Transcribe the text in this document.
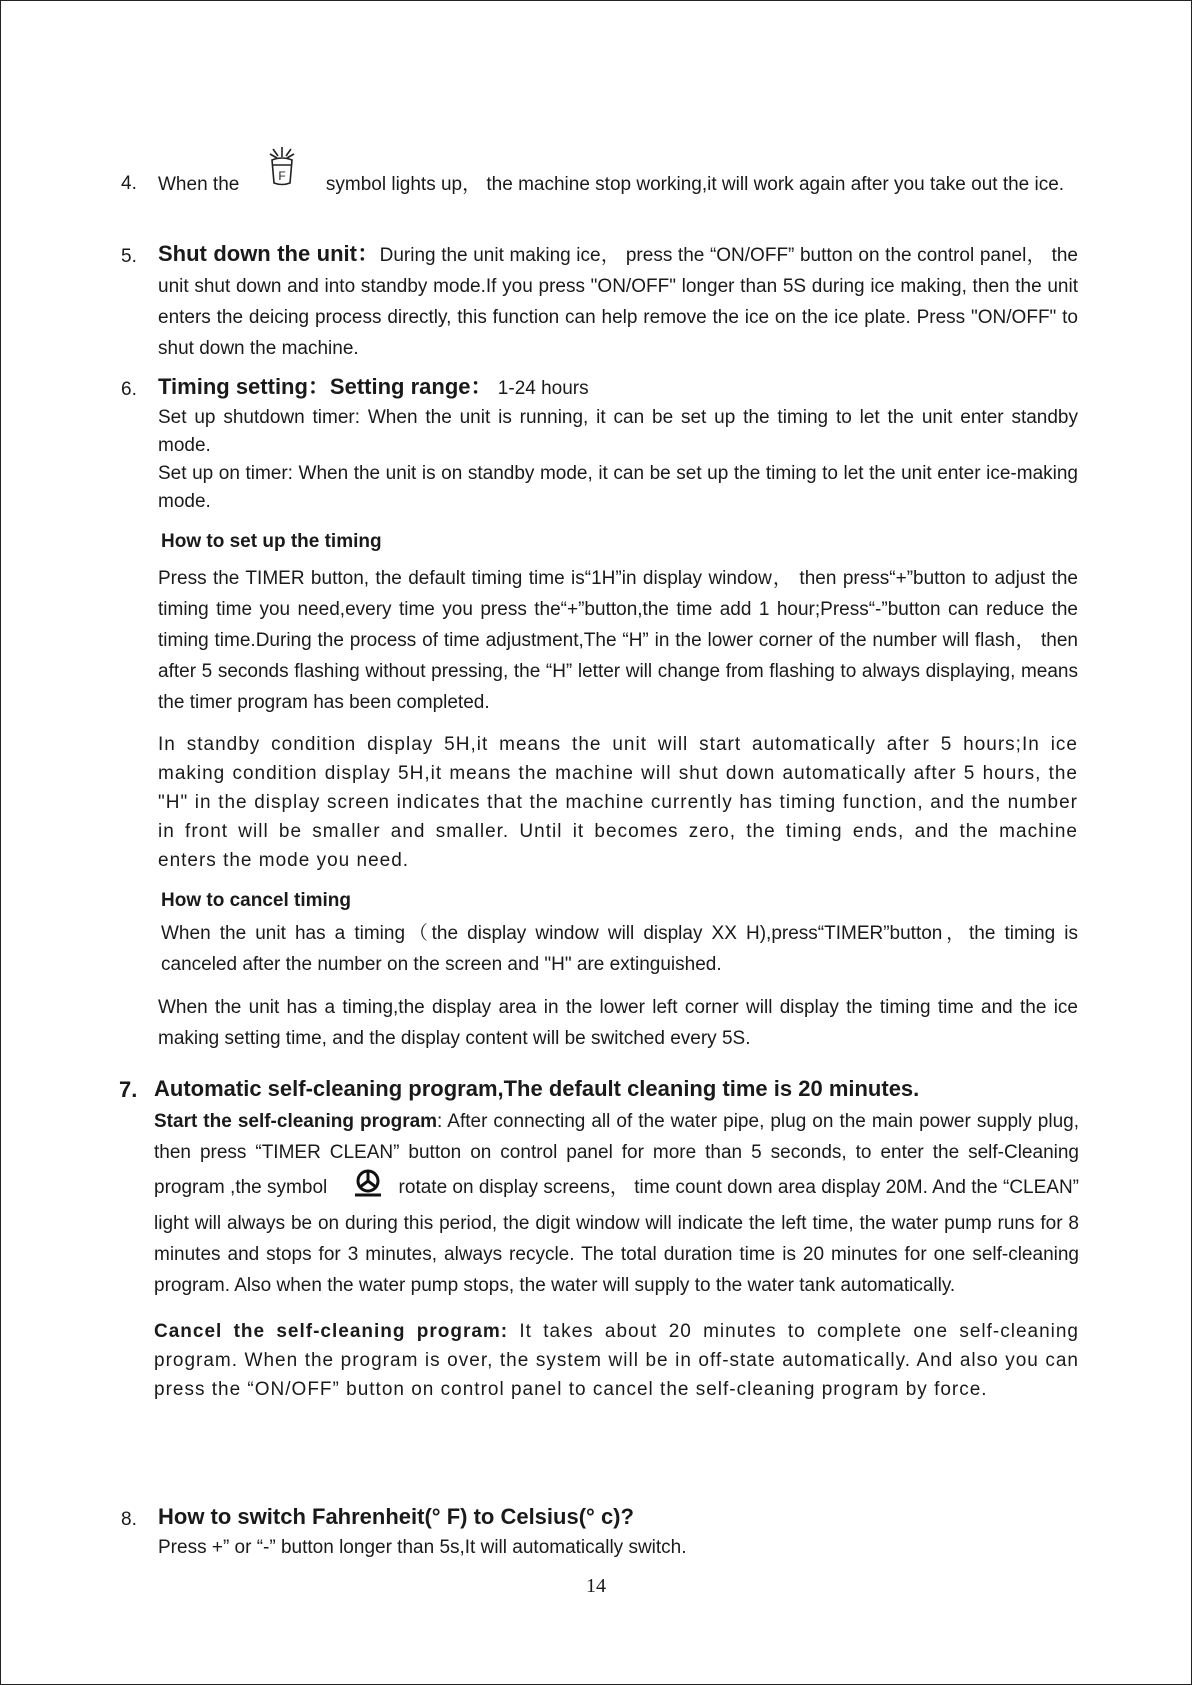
4. When the	F symbol lights up， the machine stop working,it will work again after you take out the ice.

5. Shut down the unit：During the unit making ice， press the “ON/OFF” button on the control panel， the unit shut down and into standby mode.If you press "ON/OFF" longer than 5S during ice making, then the unit enters the deicing process directly, this function can help remove the ice on the ice plate. Press "ON/OFF" to shut down the machine.

6. Timing setting：Setting range： 1-24 hours

Set up shutdown timer: When the unit is running, it can be set up the timing to let the unit enter standby mode.

Set up on timer: When the unit is on standby mode, it can be set up the timing to let the unit enter ice-making mode.

How to set up the timing

Press the TIMER button, the default timing time is“1H”in display window， then press“+”button to adjust the timing time you need,every time you press the“+”button,the time add 1 hour;Press“-”button can reduce the timing time.During the process of time adjustment,The “H” in the lower corner of the number will flash， then after 5 seconds flashing without pressing, the “H” letter will change from flashing to always displaying, means the timer program has been completed.

In standby condition display 5H,it means the unit will start automatically after 5 hours;In ice making condition display 5H,it means the machine will shut down automatically after 5 hours, the "H" in the display screen indicates that the machine currently has timing function, and the number in front will be smaller and smaller. Until it becomes zero, the timing ends, and the machine enters the mode you need.

How to cancel timing

When the unit has a timing（the display window will display XX H),press“TIMER”button，the timing is canceled after the number on the screen and "H" are extinguished.

When the unit has a timing,the display area in the lower left corner will display the timing time and the ice making setting time, and the display content will be switched every 5S.

7. Automatic self-cleaning program,The default cleaning time is 20 minutes.

Start the self-cleaning program: After connecting all of the water pipe, plug on the main power supply plug, then press “TIMER CLEAN” button on control panel for more than 5 seconds, to enter the self-Cleaning program ,the symbol	rotate on display screens， time count down area display 20M. And the “CLEAN” light will always be on during this period, the digit window will indicate the left time, the water pump runs for 8 minutes and stops for 3 minutes, always recycle. The total duration time is 20 minutes for one self-cleaning program. Also when the water pump stops, the water will supply to the water tank automatically.

Cancel the self-cleaning program: It takes about 20 minutes to complete one self-cleaning program. When the program is over, the system will be in off-state automatically. And also you can press the “ON/OFF” button on control panel to cancel the self-cleaning program by force.

8. How to switch Fahrenheit(° F) to Celsius(° c)?

Press +” or “-” button longer than 5s,It will automatically switch.

14
